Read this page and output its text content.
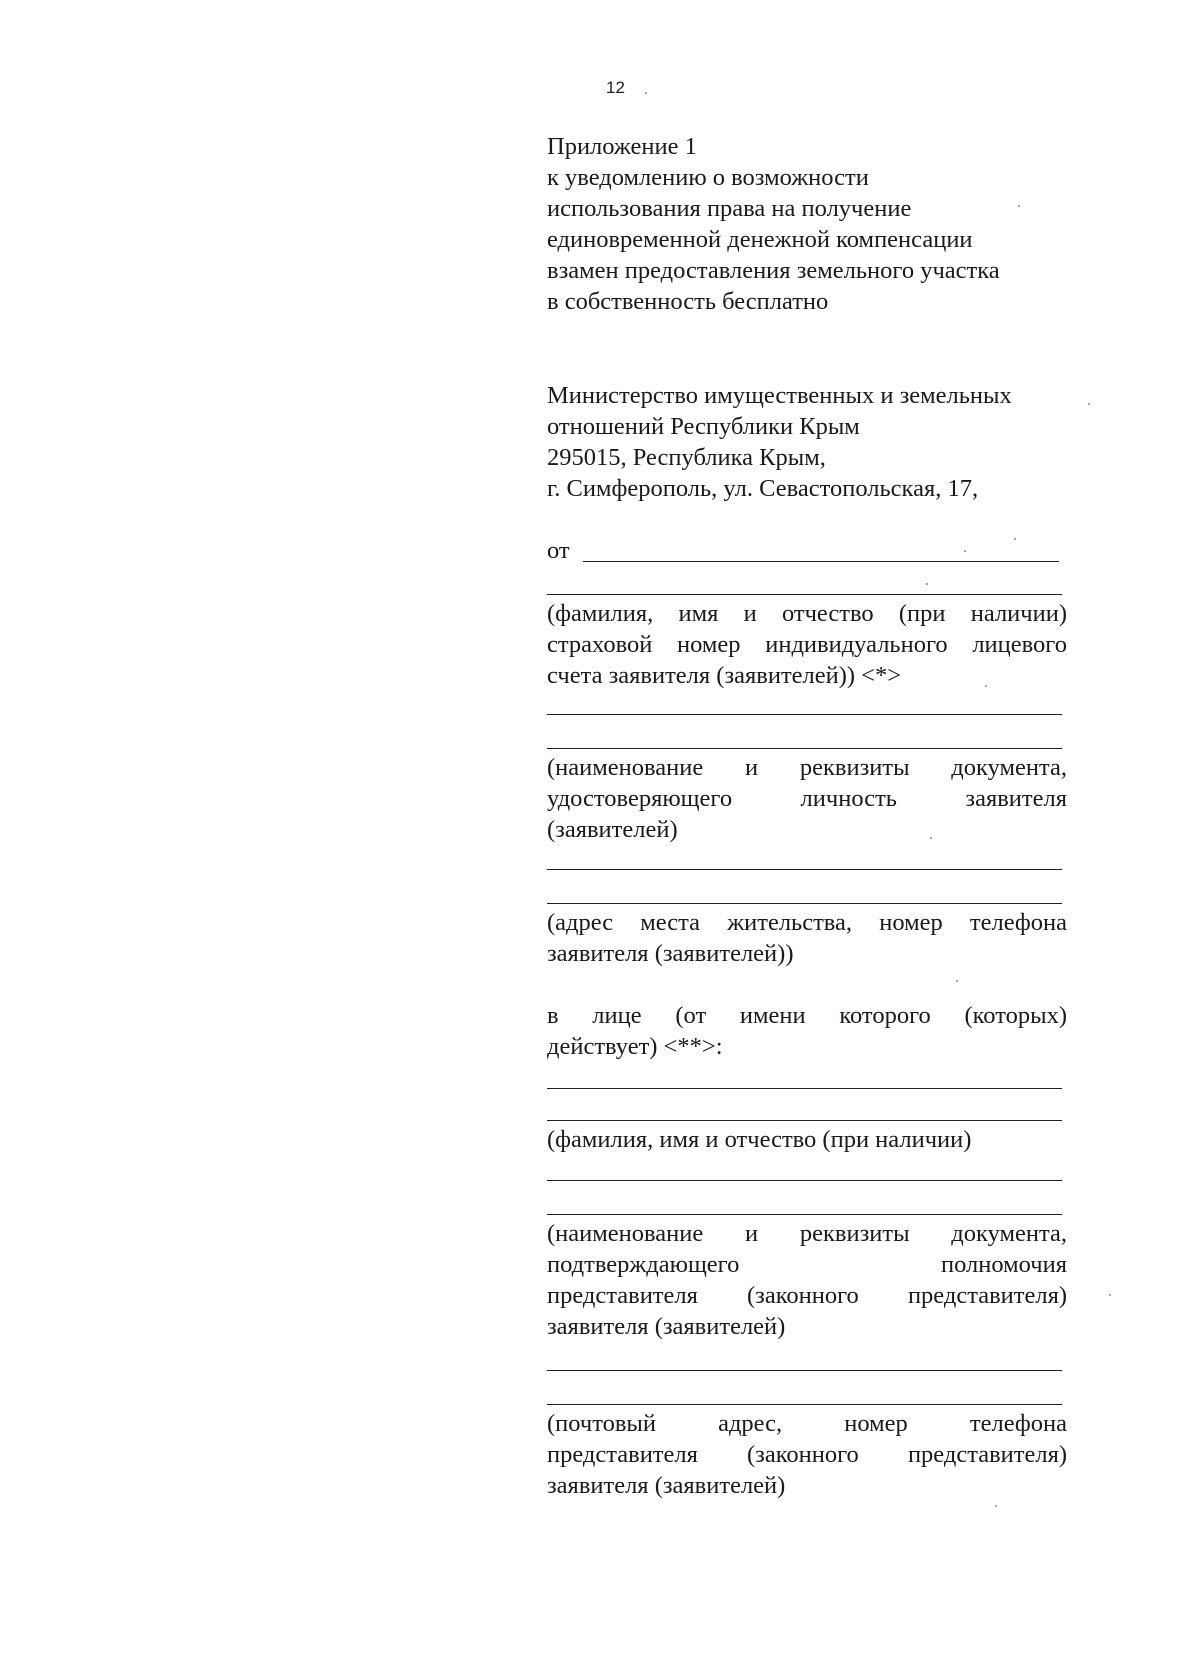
12
Приложение 1
к уведомлению о возможности
использования права на получение
единовременной денежной компенсации
взамен предоставления земельного участка
в собственность бесплатно
Министерство имущественных и земельных
отношений Республики Крым
295015, Республика Крым,
г. Симферополь, ул. Севастопольская, 17,
от
(фамилия, имя и отчество (при наличии)
страховой номер индивидуального лицевого
счета заявителя (заявителей)) <*>
(наименование и реквизиты документа,
удостоверяющего личность заявителя
(заявителей)
(адрес места жительства, номер телефона
заявителя (заявителей))
в лице (от имени которого (которых)
действует) <**>:
(фамилия, имя и отчество (при наличии)
(наименование и реквизиты документа,
подтверждающего полномочия
представителя (законного представителя)
заявителя (заявителей)
(почтовый адрес, номер телефона
представителя (законного представителя)
заявителя (заявителей)
